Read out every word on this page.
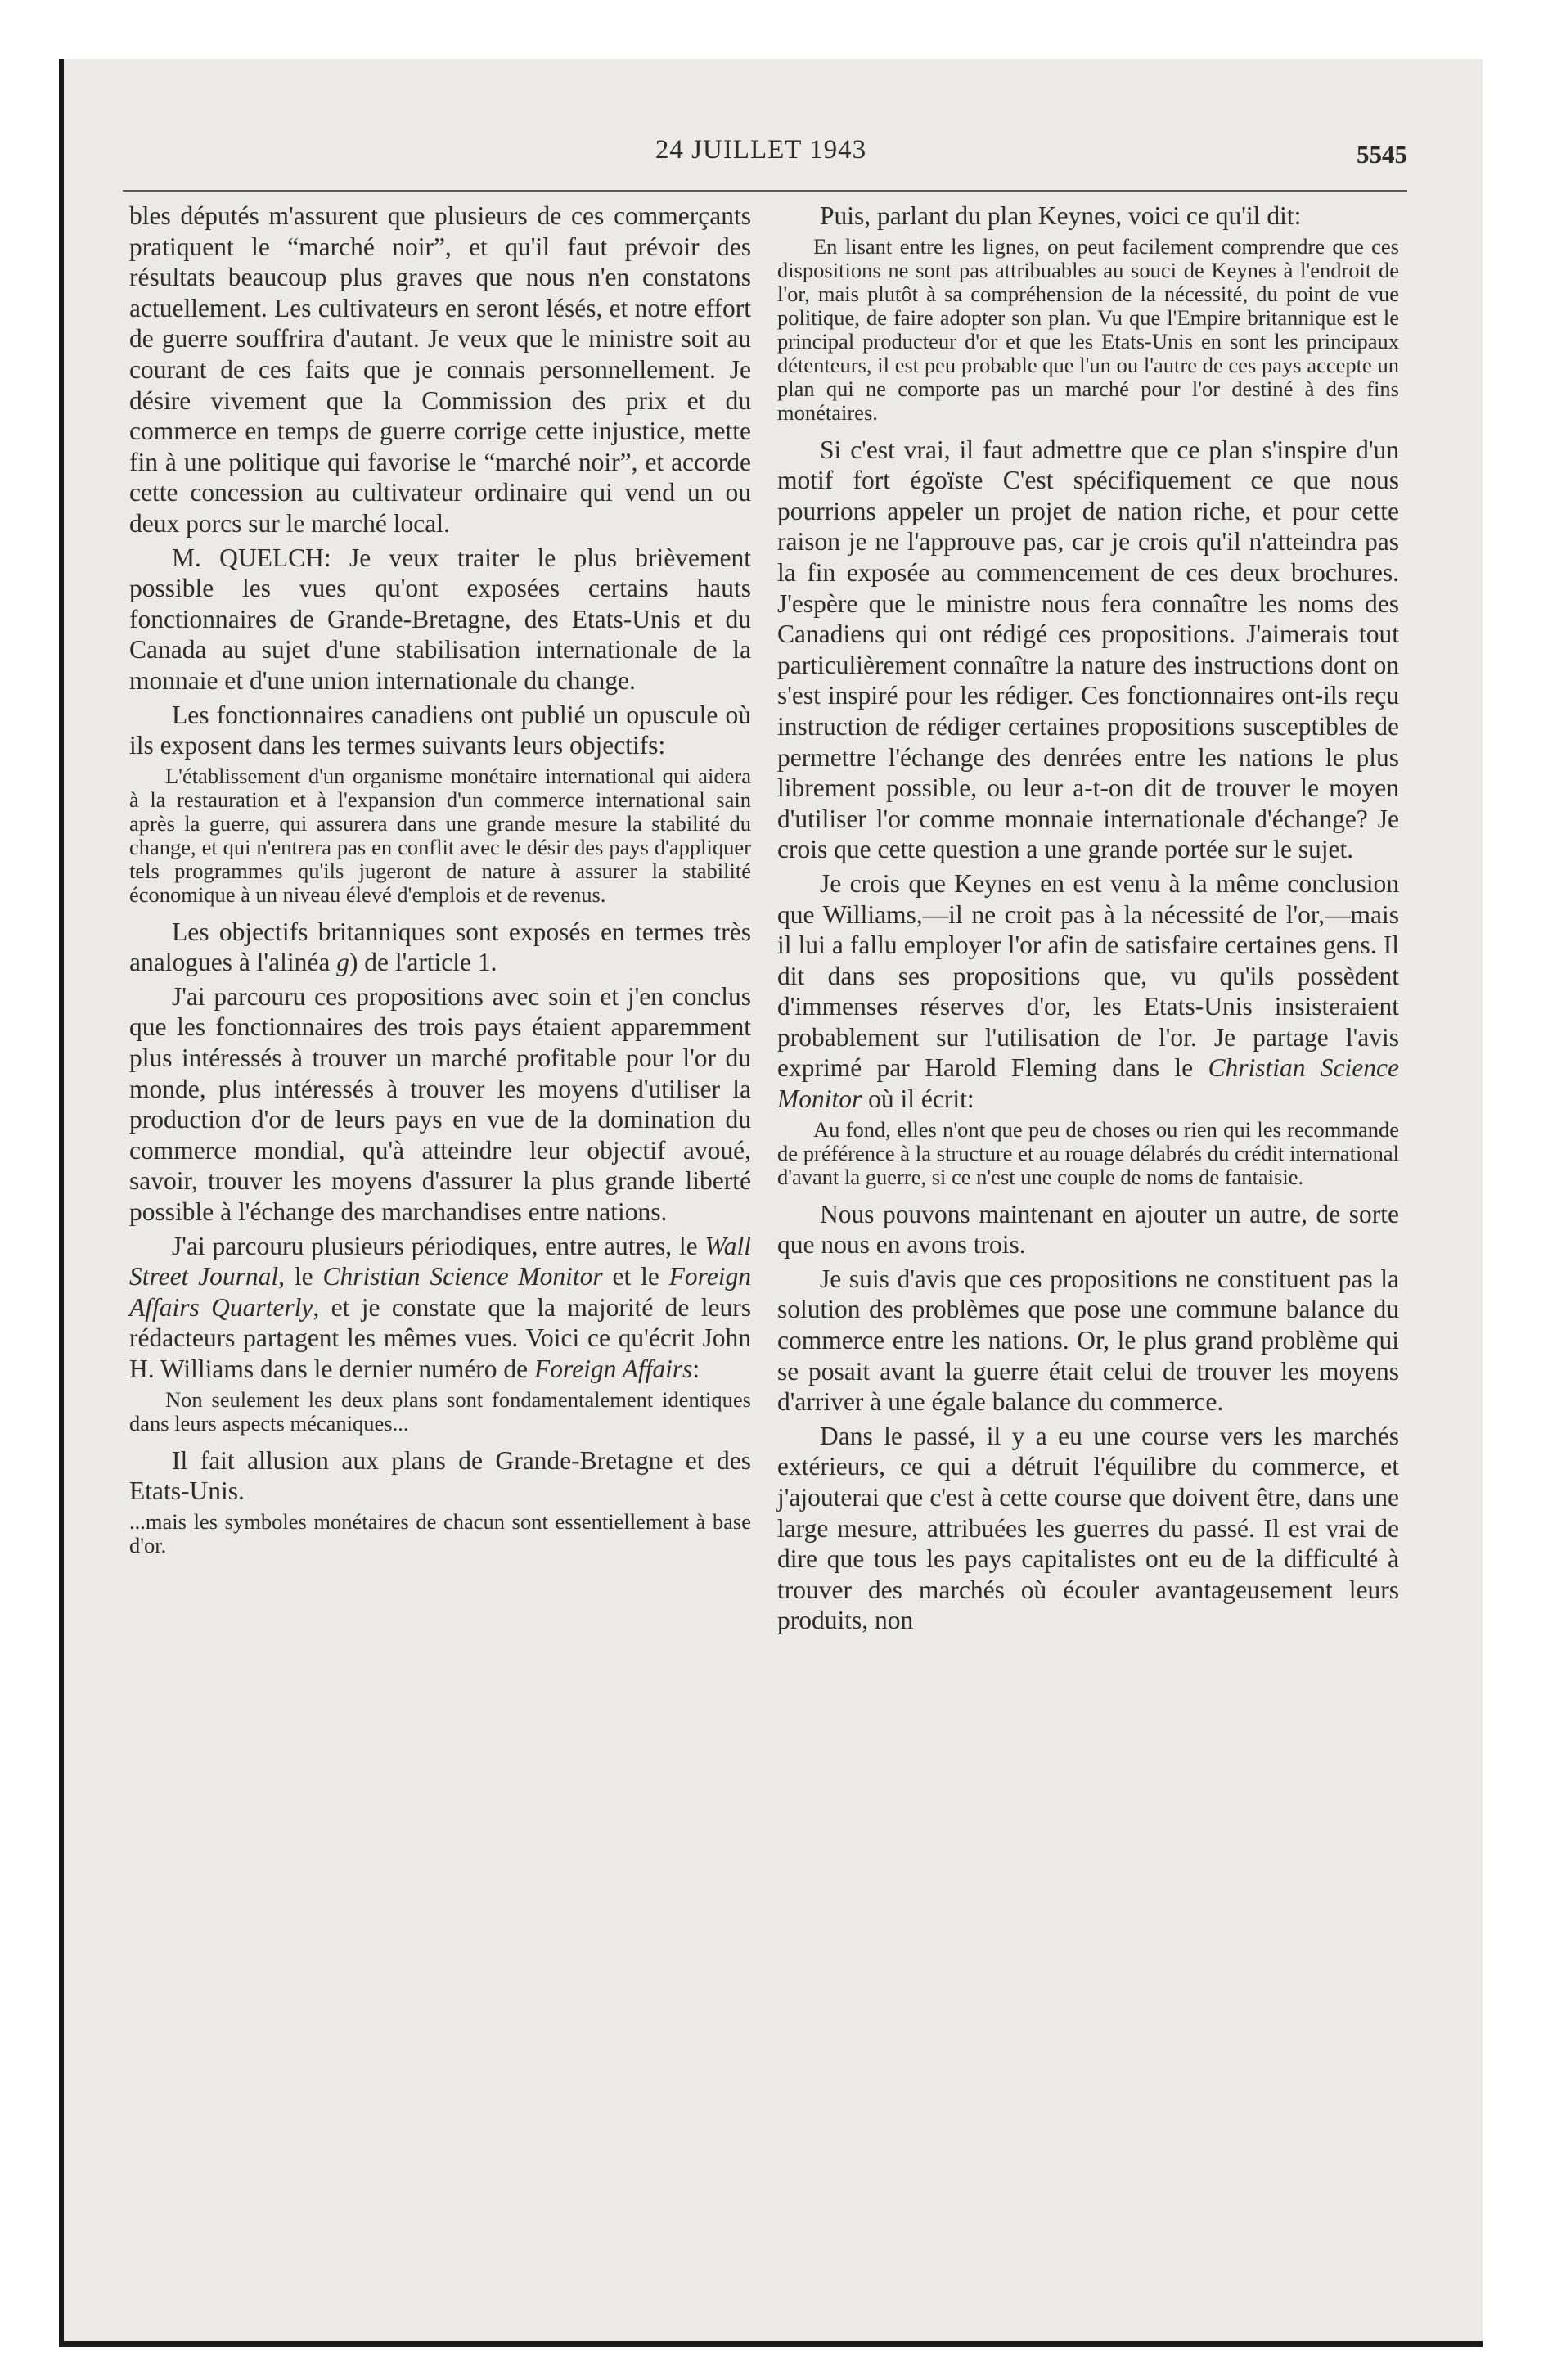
24 JUILLET 1943	5545

bles députés m'assurent que plusieurs de ces commerçants pratiquent le “marché noir”, et qu'il faut prévoir des résultats beaucoup plus graves que nous n'en constatons actuellement. Les cultivateurs en seront lésés, et notre effort de guerre souffrira d'autant. Je veux que le ministre soit au courant de ces faits que je connais personnellement. Je désire vivement que la Commission des prix et du commerce en temps de guerre corrige cette injustice, mette fin à une politique qui favorise le “marché noir”, et accorde cette concession au cultivateur ordinaire qui vend un ou deux porcs sur le marché local.

M. QUELCH: Je veux traiter le plus brièvement possible les vues qu'ont exposées certains hauts fonctionnaires de Grande-Bretagne, des Etats-Unis et du Canada au sujet d'une stabilisation internationale de la monnaie et d'une union internationale du change.

Les fonctionnaires canadiens ont publié un opuscule où ils exposent dans les termes suivants leurs objectifs:

L'établissement d'un organisme monétaire international qui aidera à la restauration et à l'expansion d'un commerce international sain après la guerre, qui assurera dans une grande mesure la stabilité du change, et qui n'entrera pas en conflit avec le désir des pays d'appliquer tels programmes qu'ils jugeront de nature à assurer la stabilité économique à un niveau élevé d'emplois et de revenus.

Les objectifs britanniques sont exposés en termes très analogues à l'alinéa g) de l'article 1.

J'ai parcouru ces propositions avec soin et j'en conclus que les fonctionnaires des trois pays étaient apparemment plus intéressés à trouver un marché profitable pour l'or du monde, plus intéressés à trouver les moyens d'utiliser la production d'or de leurs pays en vue de la domination du commerce mondial, qu'à atteindre leur objectif avoué, savoir, trouver les moyens d'assurer la plus grande liberté possible à l'échange des marchandises entre nations.

J'ai parcouru plusieurs périodiques, entre autres, le Wall Street Journal, le Christian Science Monitor et le Foreign Affairs Quarterly, et je constate que la majorité de leurs rédacteurs partagent les mêmes vues. Voici ce qu'écrit John H. Williams dans le dernier numéro de Foreign Affairs:

Non seulement les deux plans sont fondamentalement identiques dans leurs aspects mécaniques...

Il fait allusion aux plans de Grande-Bretagne et des Etats-Unis.

...mais les symboles monétaires de chacun sont essentiellement à base d'or.

Puis, parlant du plan Keynes, voici ce qu'il dit:

En lisant entre les lignes, on peut facilement comprendre que ces dispositions ne sont pas attribuables au souci de Keynes à l'endroit de l'or, mais plutôt à sa compréhension de la nécessité, du point de vue politique, de faire adopter son plan. Vu que l'Empire britannique est le principal producteur d'or et que les Etats-Unis en sont les principaux détenteurs, il est peu probable que l'un ou l'autre de ces pays accepte un plan qui ne comporte pas un marché pour l'or destiné à des fins monétaires.

Si c'est vrai, il faut admettre que ce plan s'inspire d'un motif fort égoïste C'est spécifiquement ce que nous pourrions appeler un projet de nation riche, et pour cette raison je ne l'approuve pas, car je crois qu'il n'atteindra pas la fin exposée au commencement de ces deux brochures. J'espère que le ministre nous fera connaître les noms des Canadiens qui ont rédigé ces propositions. J'aimerais tout particulièrement connaître la nature des instructions dont on s'est inspiré pour les rédiger. Ces fonctionnaires ont-ils reçu instruction de rédiger certaines propositions susceptibles de permettre l'échange des denrées entre les nations le plus librement possible, ou leur a-t-on dit de trouver le moyen d'utiliser l'or comme monnaie internationale d'échange? Je crois que cette question a une grande portée sur le sujet.

Je crois que Keynes en est venu à la même conclusion que Williams,—il ne croit pas à la nécessité de l'or,—mais il lui a fallu employer l'or afin de satisfaire certaines gens. Il dit dans ses propositions que, vu qu'ils possèdent d'immenses réserves d'or, les Etats-Unis insisteraient probablement sur l'utilisation de l'or. Je partage l'avis exprimé par Harold Fleming dans le Christian Science Monitor où il écrit:

Au fond, elles n'ont que peu de choses ou rien qui les recommande de préférence à la structure et au rouage délabrés du crédit international d'avant la guerre, si ce n'est une couple de noms de fantaisie.

Nous pouvons maintenant en ajouter un autre, de sorte que nous en avons trois.

Je suis d'avis que ces propositions ne constituent pas la solution des problèmes que pose une commune balance du commerce entre les nations. Or, le plus grand problème qui se posait avant la guerre était celui de trouver les moyens d'arriver à une égale balance du commerce.

Dans le passé, il y a eu une course vers les marchés extérieurs, ce qui a détruit l'équilibre du commerce, et j'ajouterai que c'est à cette course que doivent être, dans une large mesure, attribuées les guerres du passé. Il est vrai de dire que tous les pays capitalistes ont eu de la difficulté à trouver des marchés où écouler avantageusement leurs produits, non
